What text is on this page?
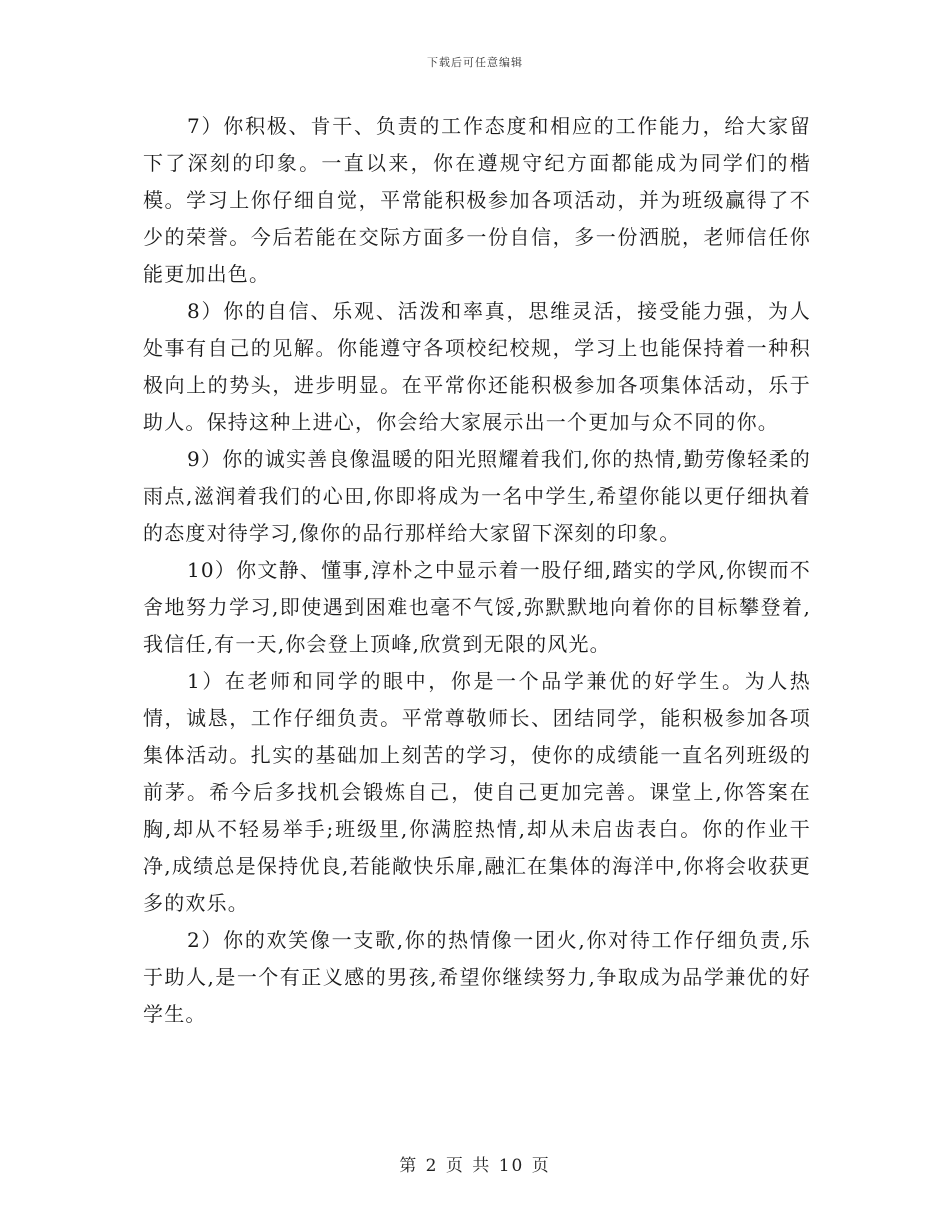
下载后可任意编辑

7）你积极、肯干、负责的工作态度和相应的工作能力，给大家留下了深刻的印象。一直以来，你在遵规守纪方面都能成为同学们的楷模。学习上你仔细自觉，平常能积极参加各项活动，并为班级赢得了不少的荣誉。今后若能在交际方面多一份自信，多一份洒脱，老师信任你能更加出色。

8）你的自信、乐观、活泼和率真，思维灵活，接受能力强，为人处事有自己的见解。你能遵守各项校纪校规，学习上也能保持着一种积极向上的势头，进步明显。在平常你还能积极参加各项集体活动，乐于助人。保持这种上进心，你会给大家展示出一个更加与众不同的你。

9）你的诚实善良像温暖的阳光照耀着我们,你的热情,勤劳像轻柔的雨点,滋润着我们的心田,你即将成为一名中学生,希望你能以更仔细执着的态度对待学习,像你的品行那样给大家留下深刻的印象。

10）你文静、懂事,淳朴之中显示着一股仔细,踏实的学风,你锲而不舍地努力学习,即使遇到困难也毫不气馁,弥默默地向着你的目标攀登着,我信任,有一天,你会登上顶峰,欣赏到无限的风光。

1）在老师和同学的眼中，你是一个品学兼优的好学生。为人热情，诚恳，工作仔细负责。平常尊敬师长、团结同学，能积极参加各项集体活动。扎实的基础加上刻苦的学习，使你的成绩能一直名列班级的前茅。希今后多找机会锻炼自己，使自己更加完善。课堂上,你答案在胸,却从不轻易举手;班级里,你满腔热情,却从未启齿表白。你的作业干净,成绩总是保持优良,若能敞快乐扉,融汇在集体的海洋中,你将会收获更多的欢乐。

2）你的欢笑像一支歌,你的热情像一团火,你对待工作仔细负责,乐于助人,是一个有正义感的男孩,希望你继续努力,争取成为品学兼优的好学生。

第 2 页 共 10 页
